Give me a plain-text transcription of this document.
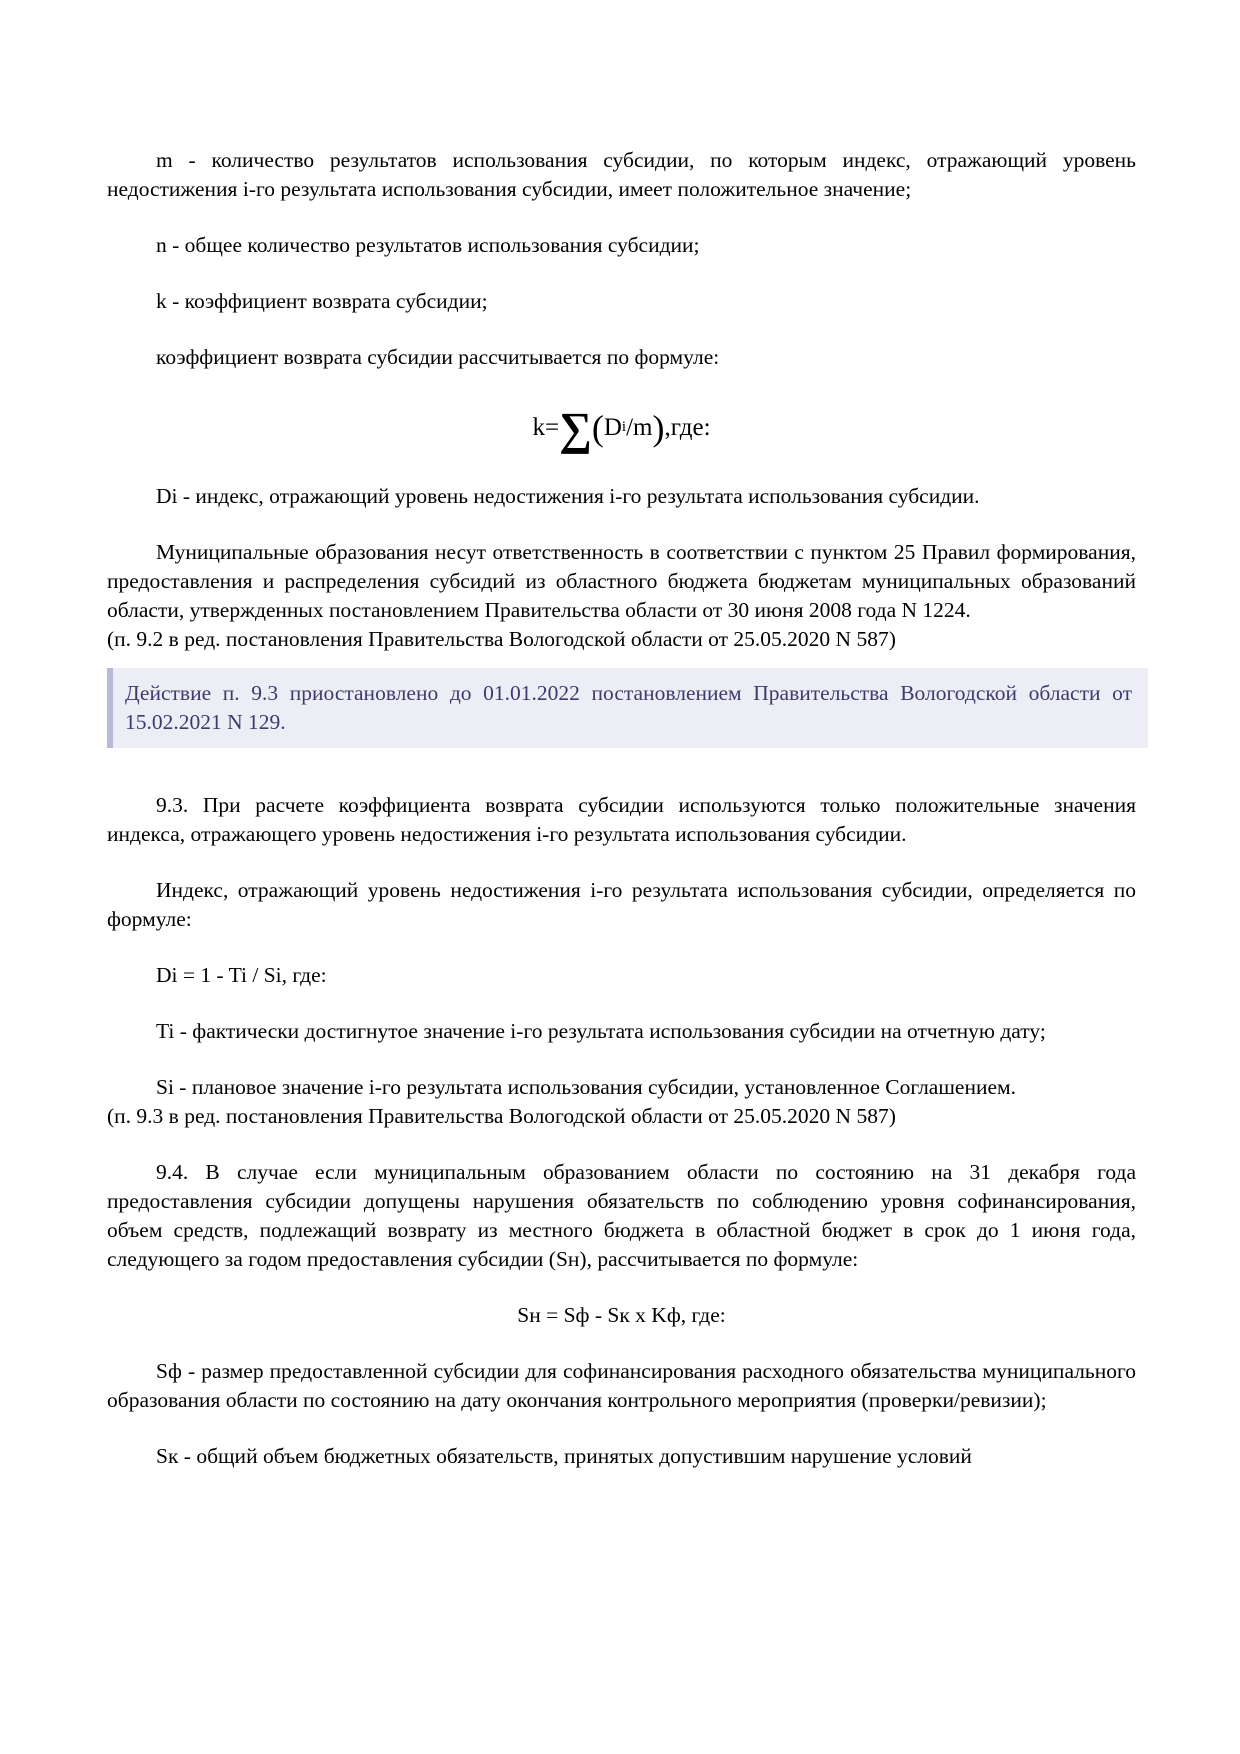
m - количество результатов использования субсидии, по которым индекс, отражающий уровень недостижения i-го результата использования субсидии, имеет положительное значение;

n - общее количество результатов использования субсидии;

k - коэффициент возврата субсидии;

коэффициент возврата субсидии рассчитывается по формуле:

k= ∑ ( D i /m ) ,где:

Di - индекс, отражающий уровень недостижения i-го результата использования субсидии.

Муниципальные образования несут ответственность в соответствии с пунктом 25 Правил формирования, предоставления и распределения субсидий из областного бюджета бюджетам муниципальных образований области, утвержденных постановлением Правительства области от 30 июня 2008 года N 1224.

(п. 9.2 в ред. постановления Правительства Вологодской области от 25.05.2020 N 587)

Действие п. 9.3 приостановлено до 01.01.2022 постановлением Правительства Вологодской области от 15.02.2021 N 129.

9.3. При расчете коэффициента возврата субсидии используются только положительные значения индекса, отражающего уровень недостижения i-го результата использования субсидии.

Индекс, отражающий уровень недостижения i-го результата использования субсидии, определяется по формуле:

Di = 1 - Ti / Si, где:

Ti - фактически достигнутое значение i-го результата использования субсидии на отчетную дату;

Si - плановое значение i-го результата использования субсидии, установленное Соглашением.

(п. 9.3 в ред. постановления Правительства Вологодской области от 25.05.2020 N 587)

9.4. В случае если муниципальным образованием области по состоянию на 31 декабря года предоставления субсидии допущены нарушения обязательств по соблюдению уровня софинансирования, объем средств, подлежащий возврату из местного бюджета в областной бюджет в срок до 1 июня года, следующего за годом предоставления субсидии (Sн), рассчитывается по формуле:

Sн = Sф - Sк x Kф, где:

Sф - размер предоставленной субсидии для софинансирования расходного обязательства муниципального образования области по состоянию на дату окончания контрольного мероприятия (проверки/ревизии);

Sк - общий объем бюджетных обязательств, принятых допустившим нарушение условий
